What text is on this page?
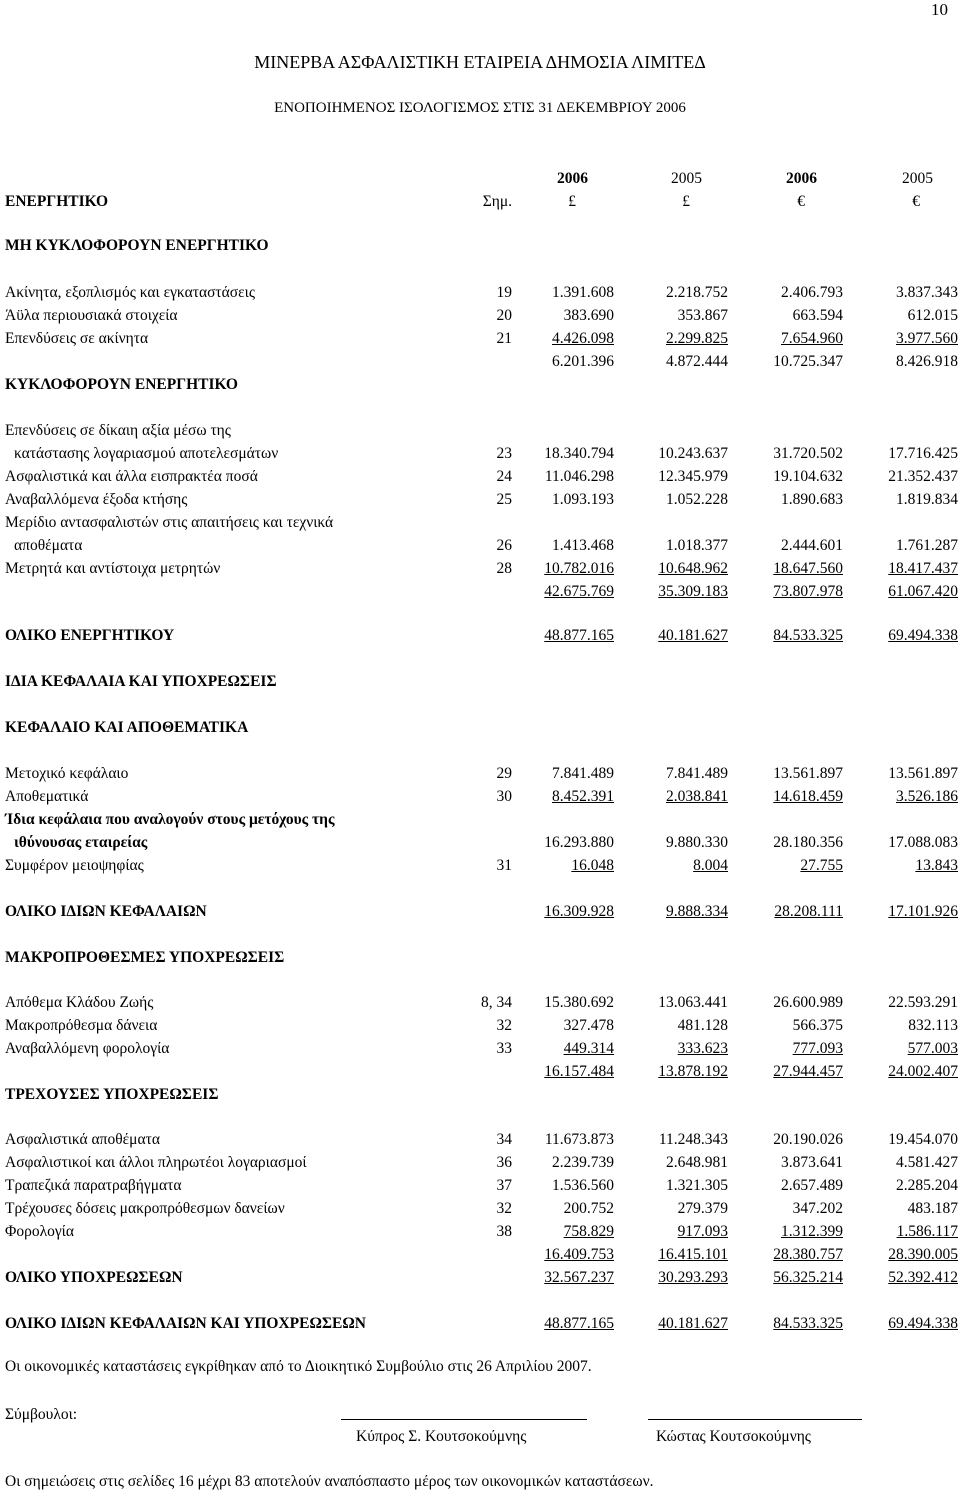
10
ΜΙΝΕΡΒΑ ΑΣΦΑΛΙΣΤΙΚΗ ΕΤΑΙΡΕΙΑ ΔΗΜΟΣΙΑ ΛΙΜΙΤΕΔ
ΕΝΟΠΟΙΗΜΕΝΟΣ ΙΣΟΛΟΓΙΣΜΟΣ ΣΤΙΣ 31 ΔΕΚΕΜΒΡΙΟΥ 2006
2006	2005	2006	2005
ΕΝΕΡΓΗΤΙΚΟ	Σημ.	£	£	€	€
ΜΗ ΚΥΚΛΟΦΟΡΟΥΝ ΕΝΕΡΓΗΤΙΚΟ
Ακίνητα, εξοπλισμός και εγκαταστάσεις	19	1.391.608	2.218.752	2.406.793	3.837.343
Άϋλα περιουσιακά στοιχεία	20	383.690	353.867	663.594	612.015
Επενδύσεις σε ακίνητα	21	4.426.098	2.299.825	7.654.960	3.977.560
6.201.396	4.872.444	10.725.347	8.426.918
ΚΥΚΛΟΦΟΡΟΥΝ ΕΝΕΡΓΗΤΙΚΟ
Επενδύσεις σε δίκαιη αξία μέσω της
κατάστασης λογαριασμού αποτελεσμάτων	23 18.340.794	10.243.637	31.720.502	17.716.425
Ασφαλιστικά και άλλα εισπρακτέα ποσά	24 11.046.298	12.345.979	19.104.632	21.352.437
Αναβαλλόμενα έξοδα κτήσης	25	1.093.193	1.052.228	1.890.683	1.819.834
Μερίδιο αντασφαλιστών στις απαιτήσεις και τεχνικά
αποθέματα	26	1.413.468	1.018.377	2.444.601	1.761.287
Μετρητά και αντίστοιχα μετρητών	28 10.782.016	10.648.962	18.647.560	18.417.437
42.675.769	35.309.183	73.807.978	61.067.420
ΟΛΙΚΟ ΕΝΕΡΓΗΤΙΚΟΥ	48.877.165	40.181.627	84.533.325	69.494.338
ΙΔΙΑ ΚΕΦΑΛΑΙΑ ΚΑΙ ΥΠΟΧΡΕΩΣΕΙΣ
ΚΕΦΑΛΑΙΟ ΚΑΙ ΑΠΟΘΕΜΑΤΙΚΑ
Μετοχικό κεφάλαιο	29	7.841.489	7.841.489	13.561.897	13.561.897
Αποθεματικά	30	8.452.391	2.038.841	14.618.459	3.526.186
Ίδια κεφάλαια που αναλογούν στους μετόχους της
ιθύνουσας εταιρείας	16.293.880	9.880.330	28.180.356	17.088.083
Συμφέρον μειοψηφίας	31	16.048	8.004	27.755	13.843
ΟΛΙΚΟ ΙΔΙΩΝ ΚΕΦΑΛΑΙΩΝ	16.309.928	9.888.334	28.208.111	17.101.926
ΜΑΚΡΟΠΡΟΘΕΣΜΕΣ ΥΠΟΧΡΕΩΣΕΙΣ
Απόθεμα Κλάδου Ζωής	8, 34 15.380.692	13.063.441	26.600.989	22.593.291
Μακροπρόθεσμα δάνεια	32	327.478	481.128	566.375	832.113
Αναβαλλόμενη φορολογία	33	449.314	333.623	777.093	577.003
16.157.484	13.878.192	27.944.457	24.002.407
ΤΡΕΧΟΥΣΕΣ ΥΠΟΧΡΕΩΣΕΙΣ
Ασφαλιστικά αποθέματα	34 11.673.873	11.248.343	20.190.026	19.454.070
Ασφαλιστικοί και άλλοι πληρωτέοι λογαριασμοί	36	2.239.739	2.648.981	3.873.641	4.581.427
Τραπεζικά παρατραβήγματα	37	1.536.560	1.321.305	2.657.489	2.285.204
Τρέχουσες δόσεις μακροπρόθεσμων δανείων	32	200.752	279.379	347.202	483.187
Φορολογία	38	758.829	917.093	1.312.399	1.586.117
16.409.753	16.415.101	28.380.757	28.390.005
ΟΛΙΚΟ ΥΠΟΧΡΕΩΣΕΩΝ	32.567.237	30.293.293	56.325.214	52.392.412
ΟΛΙΚΟ ΙΔΙΩΝ ΚΕΦΑΛΑΙΩΝ ΚΑΙ ΥΠΟΧΡΕΩΣΕΩΝ	48.877.165	40.181.627	84.533.325	69.494.338
Οι οικονομικές καταστάσεις εγκρίθηκαν από το Διοικητικό Συμβούλιο στις 26 Απριλίου 2007.
Σύμβουλοι:
Κύπρος Σ. Κουτσοκούμνης	Κώστας Κουτσοκούμνης
Οι σημειώσεις στις σελίδες 16 μέχρι 83 αποτελούν αναπόσπαστο μέρος των οικονομικών καταστάσεων.
